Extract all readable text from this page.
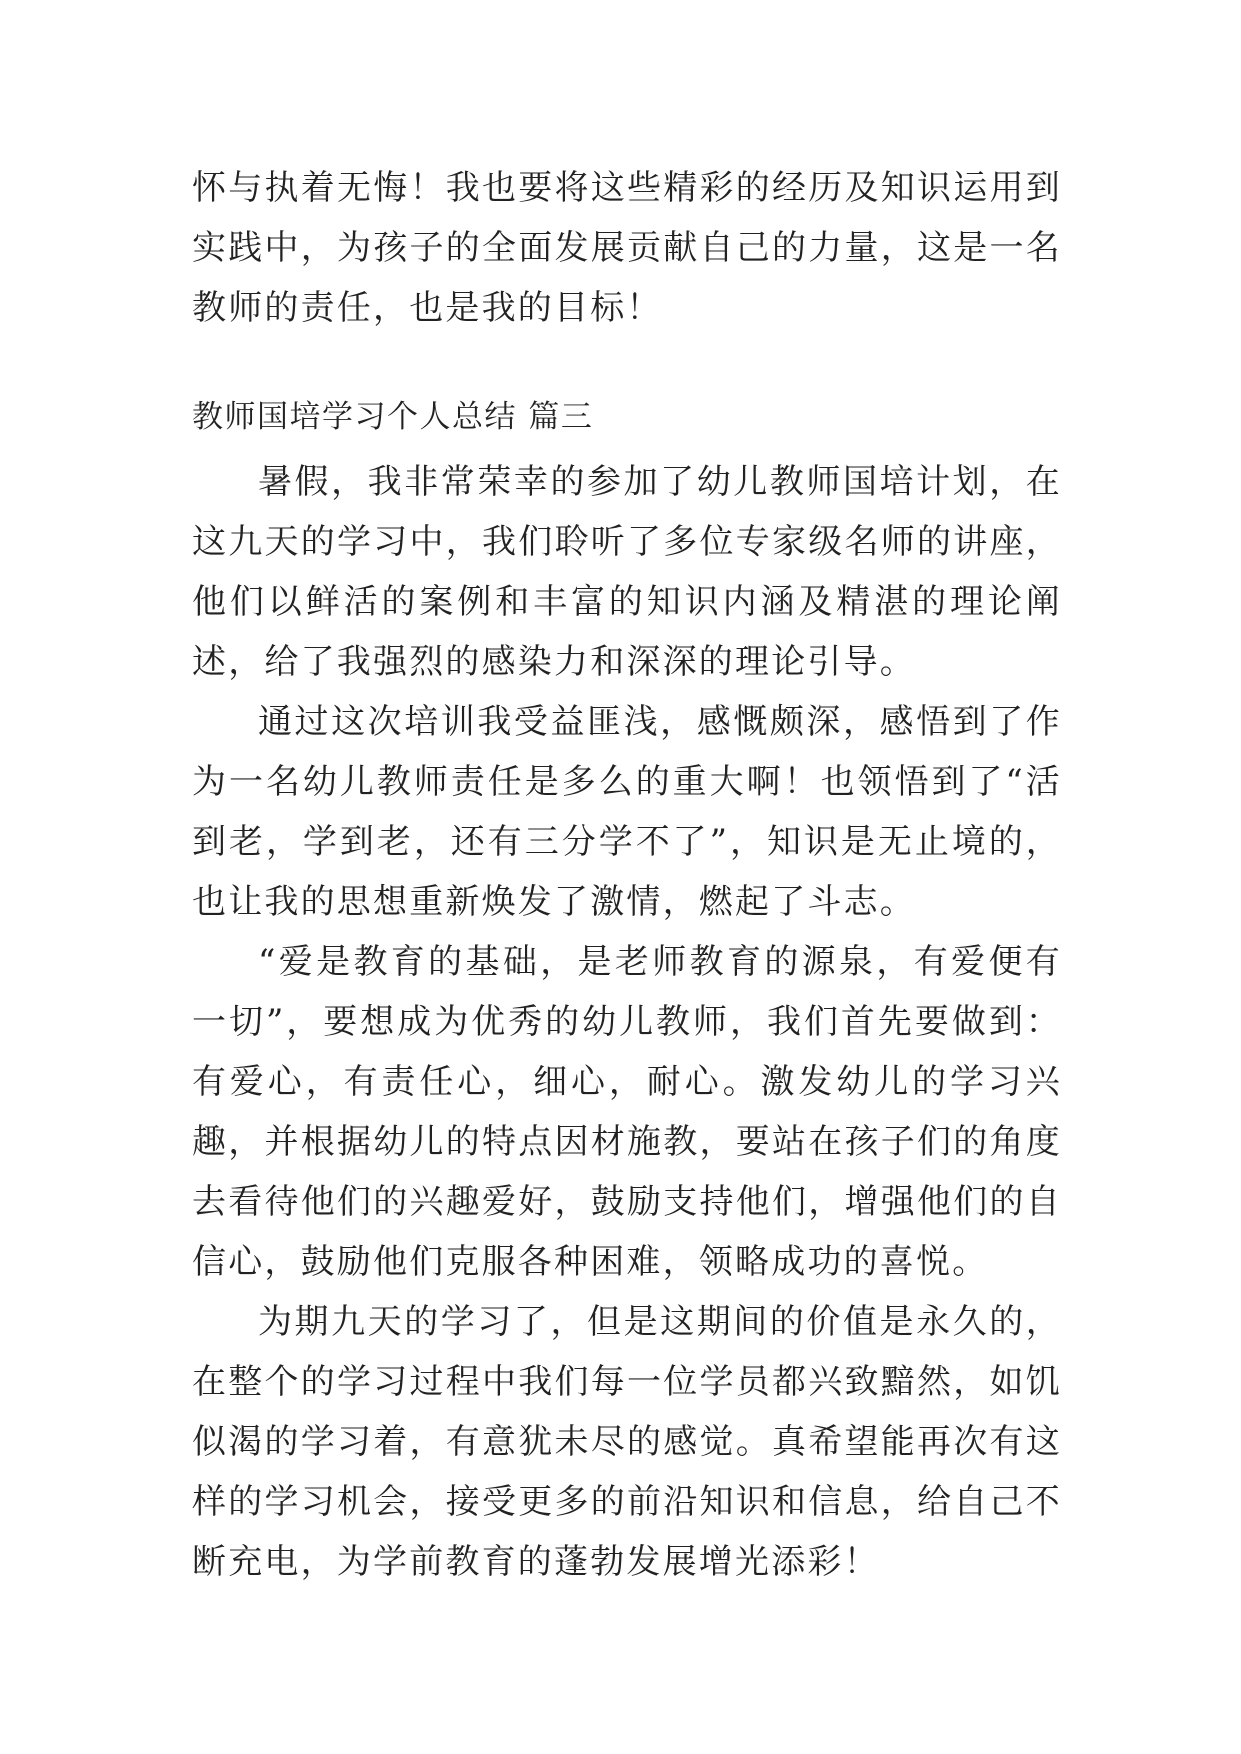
怀与执着无悔！我也要将这些精彩的经历及知识运用到实践中，为孩子的全面发展贡献自己的力量，这是一名教师的责任，也是我的目标！

教师国培学习个人总结 篇三

暑假，我非常荣幸的参加了幼儿教师国培计划，在这九天的学习中，我们聆听了多位专家级名师的讲座，他们以鲜活的案例和丰富的知识内涵及精湛的理论阐述，给了我强烈的感染力和深深的理论引导。

通过这次培训我受益匪浅，感慨颇深，感悟到了作为一名幼儿教师责任是多么的重大啊！也领悟到了“活到老，学到老，还有三分学不了”，知识是无止境的，也让我的思想重新焕发了激情，燃起了斗志。

“爱是教育的基础，是老师教育的源泉，有爱便有一切”，要想成为优秀的幼儿教师，我们首先要做到：有爱心，有责任心，细心，耐心。激发幼儿的学习兴趣，并根据幼儿的特点因材施教，要站在孩子们的角度去看待他们的兴趣爱好，鼓励支持他们，增强他们的自信心，鼓励他们克服各种困难，领略成功的喜悦。

为期九天的学习了，但是这期间的价值是永久的，在整个的学习过程中我们每一位学员都兴致黯然，如饥似渴的学习着，有意犹未尽的感觉。真希望能再次有这样的学习机会，接受更多的前沿知识和信息，给自己不断充电，为学前教育的蓬勃发展增光添彩！
